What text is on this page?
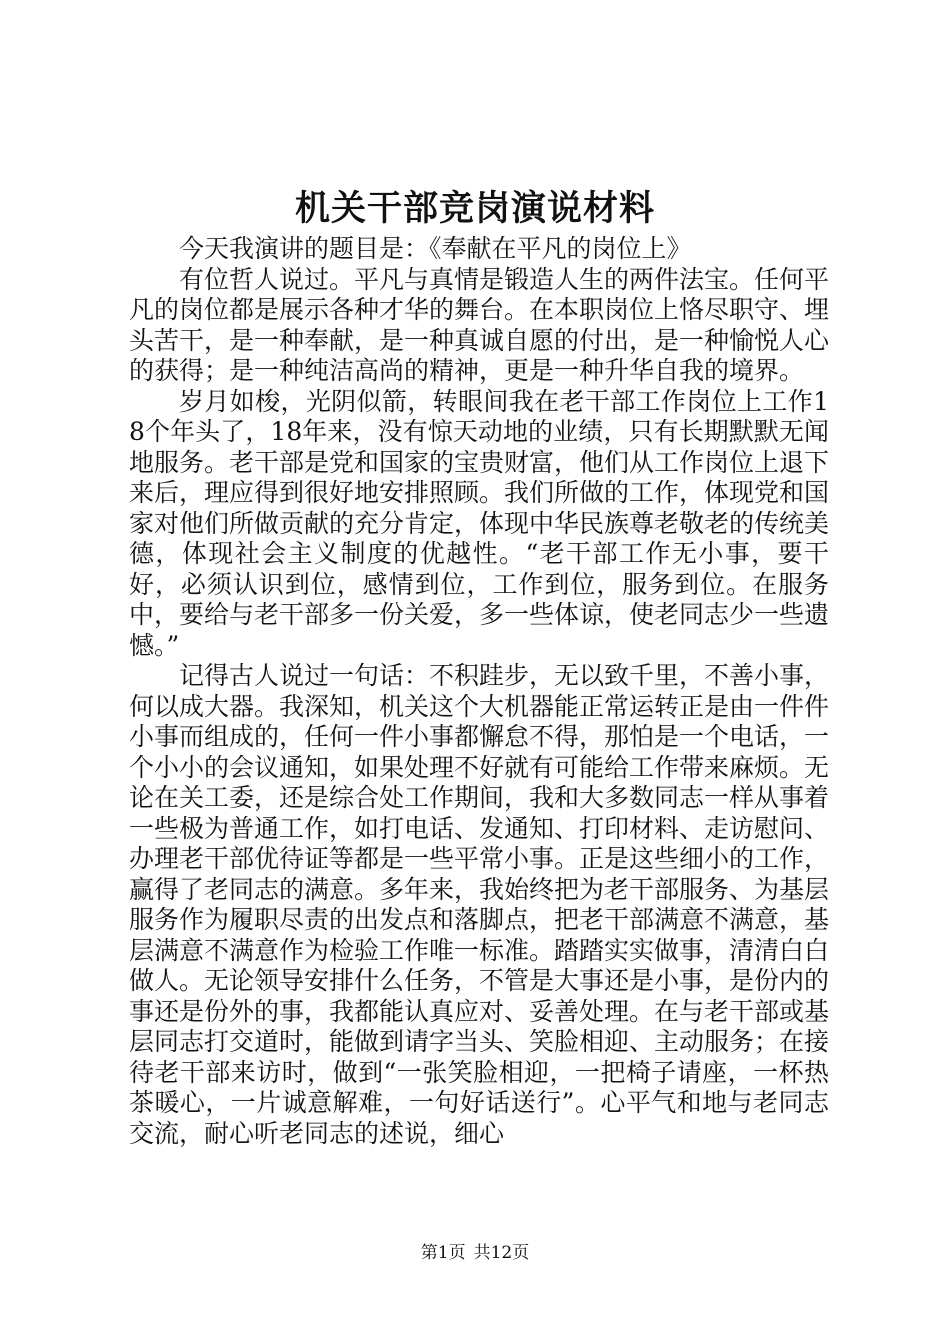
机关干部竞岗演说材料

今天我演讲的题目是：《奉献在平凡的岗位上》

有位哲人说过。平凡与真情是锻造人生的两件法宝。任何平凡的岗位都是展示各种才华的舞台。在本职岗位上恪尽职守、埋头苦干，是一种奉献，是一种真诚自愿的付出，是一种愉悦人心的获得；是一种纯洁高尚的精神，更是一种升华自我的境界。

岁月如梭，光阴似箭，转眼间我在老干部工作岗位上工作18个年头了，18年来，没有惊天动地的业绩，只有长期默默无闻地服务。老干部是党和国家的宝贵财富，他们从工作岗位上退下来后，理应得到很好地安排照顾。我们所做的工作，体现党和国家对他们所做贡献的充分肯定，体现中华民族尊老敬老的传统美德，体现社会主义制度的优越性。“老干部工作无小事，要干好，必须认识到位，感情到位，工作到位，服务到位。在服务中，要给与老干部多一份关爱，多一些体谅，使老同志少一些遗憾。”

记得古人说过一句话：不积跬步，无以致千里，不善小事，何以成大器。我深知，机关这个大机器能正常运转正是由一件件小事而组成的，任何一件小事都懈怠不得，那怕是一个电话，一个小小的会议通知，如果处理不好就有可能给工作带来麻烦。无论在关工委，还是综合处工作期间，我和大多数同志一样从事着一些极为普通工作，如打电话、发通知、打印材料、走访慰问、办理老干部优待证等都是一些平常小事。正是这些细小的工作，赢得了老同志的满意。多年来，我始终把为老干部服务、为基层服务作为履职尽责的出发点和落脚点，把老干部满意不满意，基层满意不满意作为检验工作唯一标准。踏踏实实做事，清清白白做人。无论领导安排什么任务，不管是大事还是小事，是份内的事还是份外的事，我都能认真应对、妥善处理。在与老干部或基层同志打交道时，能做到请字当头、笑脸相迎、主动服务；在接待老干部来访时，做到“一张笑脸相迎，一把椅子请座，一杯热茶暖心，一片诚意解难，一句好话送行”。心平气和地与老同志交流，耐心听老同志的述说，细心

第1页 共12页
